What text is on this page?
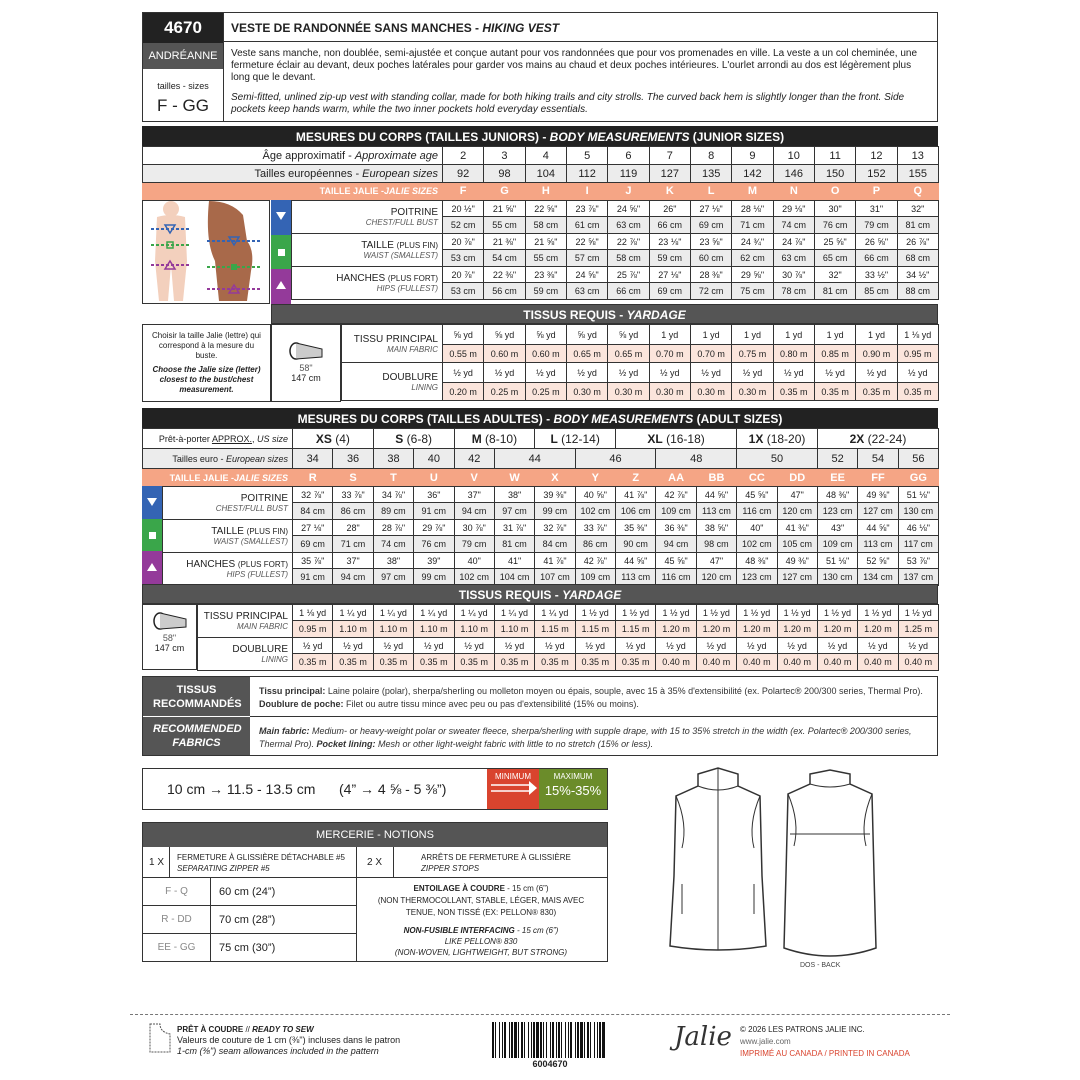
4670
ANDRÉANNE
tailles - sizes
F - GG
VESTE DE RANDONNÉE SANS MANCHES - HIKING VEST
Veste sans manche, non doublée, semi-ajustée et conçue autant pour vos randonnées que pour vos promenades en ville. La veste a un col cheminée, une fermeture éclair au devant, deux poches latérales pour garder vos mains au chaud et deux poches intérieures. L'ourlet arrondi au dos est légèrement plus long que le devant.
Semi-fitted, unlined zip-up vest with standing collar, made for both hiking trails and city strolls. The curved back hem is slightly longer than the front. Side pockets keep hands warm, while the two inner pockets hold everyday essentials.
MESURES DU CORPS (TAILLES JUNIORS) - BODY MEASUREMENTS (JUNIOR SIZES)
Âge approximatif - Approximate age	2	3	4	5	6	7	8	9	10	11	12	13
Tailles européennes - European sizes	92	98	104	112	119	127	135	142	146	150	152	155
TAILLE JALIE -JALIE SIZES	F	G	H	I	J	K	L	M	N	O	P	Q
POITRINE
CHEST/FULL BUST	20 ½"	21 ⅝"	22 ⅝"	23 ⅞"	24 ⅝"	26"	27 ⅛"	28 ⅛"	29 ⅛"	30"	31"	32"
	52 cm	55 cm	58 cm	61 cm	63 cm	66 cm	69 cm	71 cm	74 cm	76 cm	79 cm	81 cm

TAILLE (PLUS FIN)
WAIST (SMALLEST)	20 ⅞"	21 ⅜"	21 ⅝"	22 ⅝"	22 ⅞"	23 ⅛"	23 ⅝"	24 ¾"	24 ⅞"	25 ⅝"	26 ⅝"	26 ⅞"
	53 cm	54 cm	55 cm	57 cm	58 cm	59 cm	60 cm	62 cm	63 cm	65 cm	66 cm	68 cm

HANCHES (PLUS FORT)
HIPS (FULLEST)	20 ⅞"	22 ⅜"	23 ⅜"	24 ⅝"	25 ⅞"	27 ⅛"	28 ⅜"	29 ⅝"	30 ⅞"	32"	33 ½"	34 ½"
	53 cm	56 cm	59 cm	63 cm	66 cm	69 cm	72 cm	75 cm	78 cm	81 cm	85 cm	88 cm
TISSUS REQUIS - YARDAGE
Choisir la taille Jalie (lettre) qui correspond à la mesure du buste.
Choose the Jalie size (letter) closest to the bust/chest measurement.
58"
147 cm
TISSU PRINCIPAL
MAIN FABRIC	⅝ yd	⅝ yd	⅝ yd	⅝ yd	⅝ yd	1 yd	1 yd	1 yd	1 yd	1 yd	1 yd	1 ⅛ yd
	0.55 m	0.60 m	0.60 m	0.65 m	0.65 m	0.70 m	0.70 m	0.75 m	0.80 m	0.85 m	0.90 m	0.95 m

DOUBLURE
LINING	½ yd	½ yd	½ yd	½ yd	½ yd	½ yd	½ yd	½ yd	½ yd	½ yd	½ yd	½ yd
	0.20 m	0.25 m	0.25 m	0.30 m	0.30 m	0.30 m	0.30 m	0.30 m	0.35 m	0.35 m	0.35 m	0.35 m
MESURES DU CORPS (TAILLES ADULTES) - BODY MEASUREMENTS (ADULT SIZES)
Prêt-à-porter APPROX., US size	XS (4)		S (6-8)		M (8-10)		L (12-14)		XL (16-18)			1X (18-20)		2X (22-24)		
Tailles euro - European sizes	34	36	38	40	42	44		46		48		50		52	54	56
TAILLE JALIE -JALIE SIZES	R	S	T	U	V	W	X	Y	Z	AA	BB	CC	DD	EE	FF	GG
POITRINE
CHEST/FULL BUST	32 ⅞"	33 ⅞"	34 ⅞"	36"	37"	38"	39 ⅜"	40 ⅝"	41 ⅞"	42 ⅞"	44 ⅝"	45 ⅝"	47"	48 ⅜"	49 ⅜"	51 ⅛"
	84 cm	86 cm	89 cm	91 cm	94 cm	97 cm	99 cm	102 cm	106 cm	109 cm	113 cm	116 cm	120 cm	123 cm	127 cm	130 cm

TAILLE (PLUS FIN)
WAIST (SMALLEST)	27 ⅛"	28"	28 ⅞"	29 ⅞"	30 ⅞"	31 ⅞"	32 ⅞"	33 ⅞"	35 ⅜"	36 ⅜"	38 ⅝"	40"	41 ⅜"	43"	44 ⅝"	46 ⅛"
	69 cm	71 cm	74 cm	76 cm	79 cm	81 cm	84 cm	86 cm	90 cm	94 cm	98 cm	102 cm	105 cm	109 cm	113 cm	117 cm

HANCHES (PLUS FORT)
HIPS (FULLEST)	35 ⅞"	37"	38"	39"	40"	41"	41 ⅞"	42 ⅞"	44 ⅝"	45 ⅝"	47"	48 ⅜"	49 ⅜"	51 ⅛"	52 ⅝"	53 ⅞"
	91 cm	94 cm	97 cm	99 cm	102 cm	104 cm	107 cm	109 cm	113 cm	116 cm	120 cm	123 cm	127 cm	130 cm	134 cm	137 cm
TISSUS REQUIS - YARDAGE
58"
147 cm
TISSU PRINCIPAL
MAIN FABRIC	1 ⅛ yd	1 ¼ yd	1 ¼ yd	1 ¼ yd	1 ¼ yd	1 ¼ yd	1 ¼ yd	1 ½ yd	1 ½ yd	1 ½ yd	1 ½ yd	1 ½ yd	1 ½ yd	1 ½ yd	1 ½ yd	1 ½ yd
	0.95 m	1.10 m	1.10 m	1.10 m	1.10 m	1.10 m	1.15 m	1.15 m	1.15 m	1.20 m	1.20 m	1.20 m	1.20 m	1.20 m	1.20 m	1.25 m

DOUBLURE
LINING	½ yd	½ yd	½ yd	½ yd	½ yd	½ yd	½ yd	½ yd	½ yd	½ yd	½ yd	½ yd	½ yd	½ yd	½ yd	½ yd
	0.35 m	0.35 m	0.35 m	0.35 m	0.35 m	0.35 m	0.35 m	0.35 m	0.35 m	0.40 m	0.40 m	0.40 m	0.40 m	0.40 m	0.40 m	0.40 m
TISSUS RECOMMANDÉS
RECOMMENDED FABRICS
Tissu principal: Laine polaire (polar), sherpa/sherling ou molleton moyen ou épais, souple, avec 15 à 35% d'extensibilité (ex. Polartec® 200/300 series, Thermal Pro). Doublure de poche: Filet ou autre tissu mince avec peu ou pas d'extensibilité (15% ou moins).
Main fabric: Medium- or heavy-weight polar or sweater fleece, sherpa/sherling with supple drape, with 15 to 35% stretch in the width (ex. Polartec® 200/300 series, Thermal Pro). Pocket lining: Mesh or other light-weight fabric with little to no stretch (15% or less).
10 cm → 11.5 - 13.5 cm (4” → 4 ⅝ - 5 ⅜”)
MINIMUM	MAXIMUM
15%-35%
MERCERIE - NOTIONS
1 X FERMETURE À GLISSIÈRE DÉTACHABLE #5
SEPARATING ZIPPER #5
2 X	ARRÊTS DE FERMETURE À GLISSIÈRE
ZIPPER STOPS
F - Q	60 cm (24”)
R - DD	70 cm (28”)
EE - GG	75 cm (30”)
ENTOILAGE À COUDRE - 15 cm (6”)
(NON THERMOCOLLANT, STABLE, LÉGER, MAIS AVEC TENUE, NON TISSÉ (EX: PELLON® 830)
NON-FUSIBLE INTERFACING - 15 cm (6”)
LIKE PELLON® 830
(NON-WOVEN, LIGHTWEIGHT, BUT STRONG)
DOS - BACK
PRÊT À COUDRE // READY TO SEW
Valeurs de couture de 1 cm (⅜") incluses dans le patron
1-cm (⅜") seam allowances included in the pattern
6004670
Jalie © 2026 LES PATRONS JALIE INC.
www.jalie.com
IMPRIMÉ AU CANADA / PRINTED IN CANADA
